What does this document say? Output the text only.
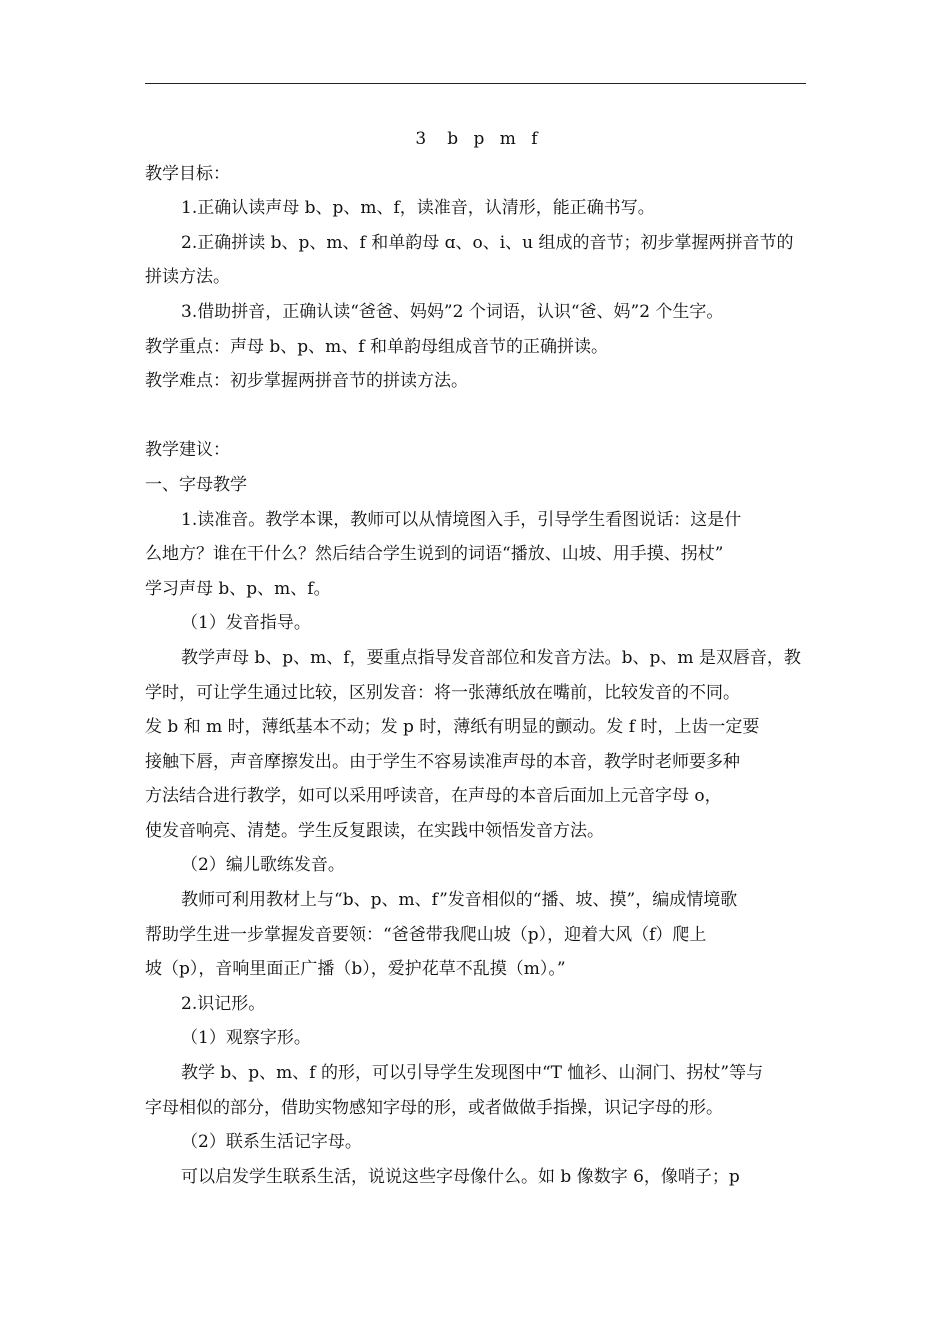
3　b p m f

教学目标：

1.正确认读声母 b、p、m、f，读准音，认清形，能正确书写。

2.正确拼读 b、p、m、f 和单韵母 ɑ、o、i、u 组成的音节；初步掌握两拼音节的

拼读方法。

3.借助拼音，正确认读“爸爸、妈妈”2 个词语，认识“爸、妈”2 个生字。

教学重点：声母 b、p、m、f 和单韵母组成音节的正确拼读。

教学难点：初步掌握两拼音节的拼读方法。

教学建议：

一、字母教学

1.读准音。教学本课，教师可以从情境图入手，引导学生看图说话：这是什

么地方？谁在干什么？然后结合学生说到的词语“播放、山坡、用手摸、拐杖”

学习声母 b、p、m、f。

（1）发音指导。

教学声母 b、p、m、f，要重点指导发音部位和发音方法。b、p、m 是双唇音，教

学时，可让学生通过比较，区别发音：将一张薄纸放在嘴前，比较发音的不同。

发 b 和 m 时，薄纸基本不动；发 p 时，薄纸有明显的颤动。发 f 时，上齿一定要

接触下唇，声音摩擦发出。由于学生不容易读准声母的本音，教学时老师要多种

方法结合进行教学，如可以采用呼读音，在声母的本音后面加上元音字母 o，

使发音响亮、清楚。学生反复跟读，在实践中领悟发音方法。

（2）编儿歌练发音。

教师可利用教材上与“b、p、m、f”发音相似的“播、坡、摸”，编成情境歌

帮助学生进一步掌握发音要领：“爸爸带我爬山坡（p），迎着大风（f）爬上

坡（p），音响里面正广播（b），爱护花草不乱摸（m）。”

2.识记形。

（1）观察字形。

教学 b、p、m、f 的形，可以引导学生发现图中“T 恤衫、山洞门、拐杖”等与

字母相似的部分，借助实物感知字母的形，或者做做手指操，识记字母的形。

（2）联系生活记字母。

可以启发学生联系生活，说说这些字母像什么。如 b 像数字 6，像哨子；p
